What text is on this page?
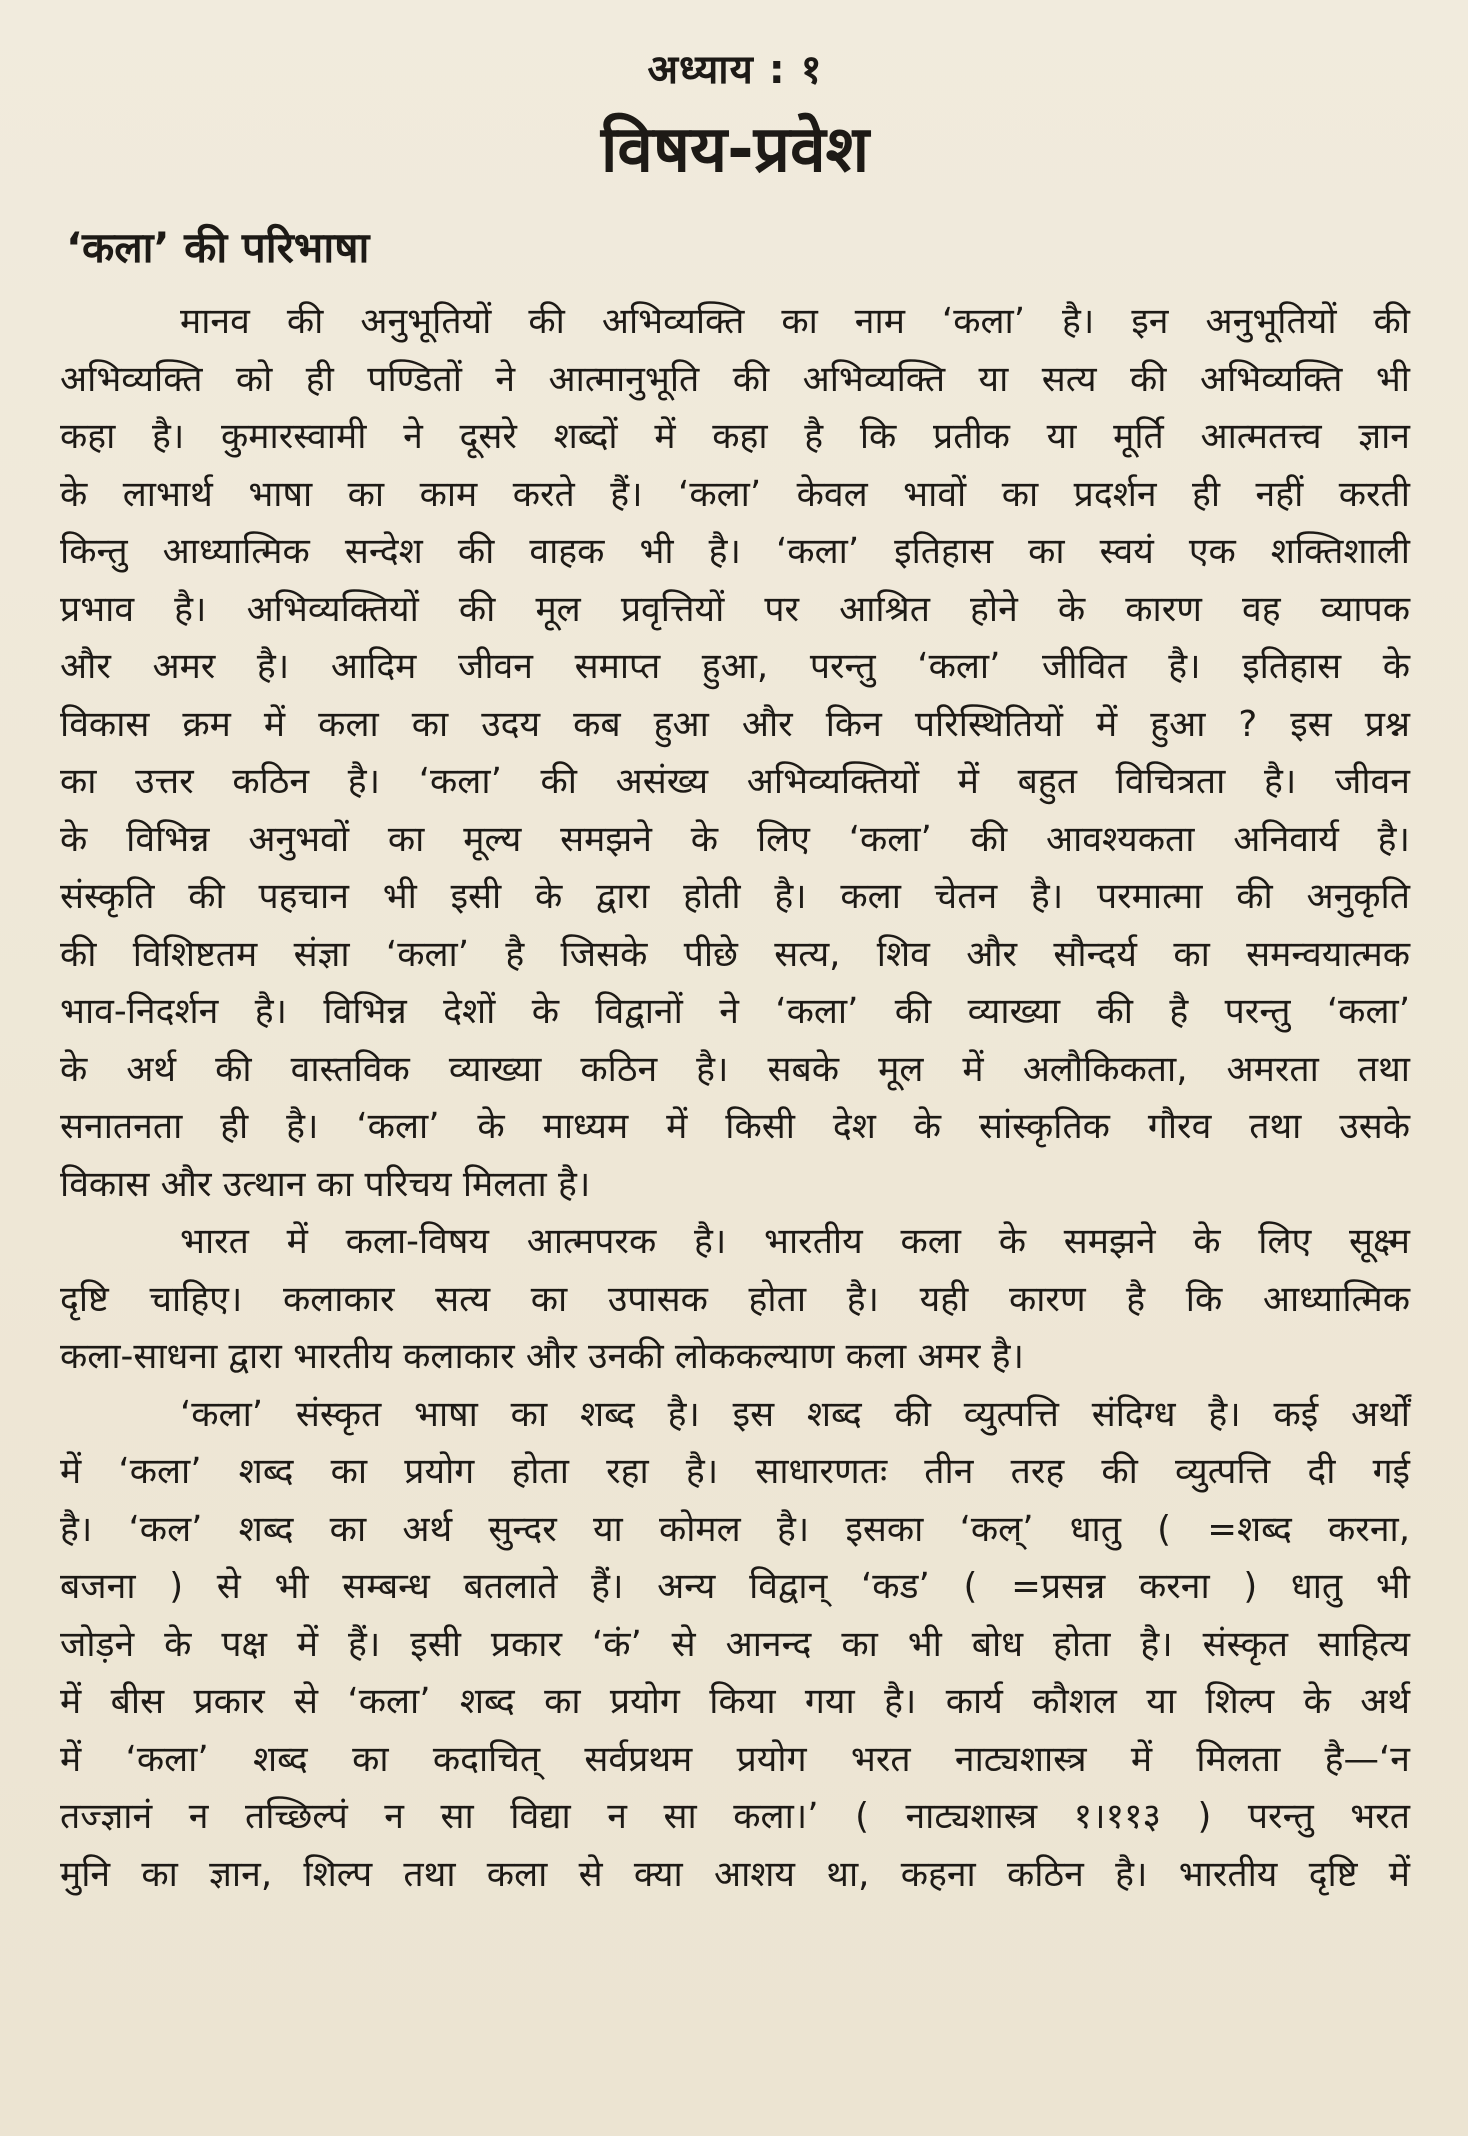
अध्याय : १
विषय-प्रवेश
‘कला’ की परिभाषा
मानव की अनुभूतियों की अभिव्यक्ति का नाम ‘कला’ है। इन अनुभूतियों की
अभिव्यक्ति को ही पण्डितों ने आत्मानुभूति की अभिव्यक्ति या सत्य की अभिव्यक्ति भी
कहा है। कुमारस्वामी ने दूसरे शब्दों में कहा है कि प्रतीक या मूर्ति आत्मतत्त्व ज्ञान
के लाभार्थ भाषा का काम करते हैं। ‘कला’ केवल भावों का प्रदर्शन ही नहीं करती
किन्तु आध्यात्मिक सन्देश की वाहक भी है। ‘कला’ इतिहास का स्वयं एक शक्तिशाली
प्रभाव है। अभिव्यक्तियों की मूल प्रवृत्तियों पर आश्रित होने के कारण वह व्यापक
और अमर है। आदिम जीवन समाप्त हुआ, परन्तु ‘कला’ जीवित है। इतिहास के
विकास क्रम में कला का उदय कब हुआ और किन परिस्थितियों में हुआ ? इस प्रश्न
का उत्तर कठिन है। ‘कला’ की असंख्य अभिव्यक्तियों में बहुत विचित्रता है। जीवन
के विभिन्न अनुभवों का मूल्य समझने के लिए ‘कला’ की आवश्यकता अनिवार्य है।
संस्कृति की पहचान भी इसी के द्वारा होती है। कला चेतन है। परमात्मा की अनुकृति
की विशिष्टतम संज्ञा ‘कला’ है जिसके पीछे सत्य, शिव और सौन्दर्य का समन्वयात्मक
भाव-निदर्शन है। विभिन्न देशों के विद्वानों ने ‘कला’ की व्याख्या की है परन्तु ‘कला’
के अर्थ की वास्तविक व्याख्या कठिन है। सबके मूल में अलौकिकता, अमरता तथा
सनातनता ही है। ‘कला’ के माध्यम में किसी देश के सांस्कृतिक गौरव तथा उसके
विकास और उत्थान का परिचय मिलता है।
भारत में कला-विषय आत्मपरक है। भारतीय कला के समझने के लिए सूक्ष्म
दृष्टि चाहिए। कलाकार सत्य का उपासक होता है। यही कारण है कि आध्यात्मिक
कला-साधना द्वारा भारतीय कलाकार और उनकी लोककल्याण कला अमर है।
‘कला’ संस्कृत भाषा का शब्द है। इस शब्द की व्युत्पत्ति संदिग्ध है। कई अर्थों
में ‘कला’ शब्द का प्रयोग होता रहा है। साधारणतः तीन तरह की व्युत्पत्ति दी गई
है। ‘कल’ शब्द का अर्थ सुन्दर या कोमल है। इसका ‘कल्’ धातु ( =शब्द करना,
बजना ) से भी सम्बन्ध बतलाते हैं। अन्य विद्वान् ‘कड’ ( =प्रसन्न करना ) धातु भी
जोड़ने के पक्ष में हैं। इसी प्रकार ‘कं’ से आनन्द का भी बोध होता है। संस्कृत साहित्य
में बीस प्रकार से ‘कला’ शब्द का प्रयोग किया गया है। कार्य कौशल या शिल्प के अर्थ
में ‘कला’ शब्द का कदाचित् सर्वप्रथम प्रयोग भरत नाट्यशास्त्र में मिलता है—‘न
तज्ज्ञानं न तच्छिल्पं न सा विद्या न सा कला।’ ( नाट्यशास्त्र १।११३ ) परन्तु भरत
मुनि का ज्ञान, शिल्प तथा कला से क्या आशय था, कहना कठिन है। भारतीय दृष्टि में
